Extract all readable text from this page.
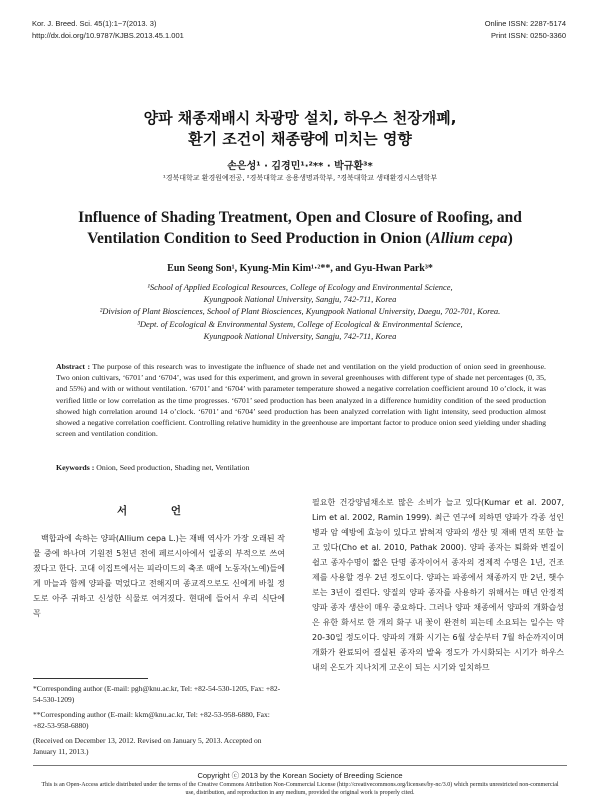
Kor. J. Breed. Sci. 45(1):1~7(2013. 3)
http://dx.doi.org/10.9787/KJBS.2013.45.1.001
Online ISSN: 2287-5174
Print ISSN: 0250-3360
양파 채종재배시 차광망 설치, 하우스 천장개폐,
환기 조건이 채종량에 미치는 영향
손은성¹ · 김경민¹·²** · 박규환³*
¹경북대학교 환경원예전공, ²경북대학교 응용생명과학부, ³경북대학교 생태환경시스템학부
Influence of Shading Treatment, Open and Closure of Roofing, and
Ventilation Condition to Seed Production in Onion (Allium cepa)
Eun Seong Son¹, Kyung-Min Kim¹·²**, and Gyu-Hwan Park³*
¹School of Applied Ecological Resources, College of Ecology and Environmental Science,
Kyungpook National University, Sangju, 742-711, Korea
²Division of Plant Biosciences, School of Plant Biosciences, Kyungpook National University, Daegu, 702-701, Korea.
³Dept. of Ecological & Environmental System, College of Ecological & Environmental Science,
Kyungpook National University, Sangju, 742-711, Korea
Abstract : The purpose of this research was to investigate the influence of shade net and ventilation on the yield production of onion seed in greenhouse. Two onion cultivars, ‘6701’ and ‘6704’, was used for this experiment, and grown in several greenhouses with different type of shade net percentages (0, 35, and 55%) and with or without ventilation. ‘6701’ and ‘6704’ with parameter temperature showed a negative correlation coefficient around 10 o’clock, it was verified little or low correlation as the time progresses. ‘6701’ seed production has been analyzed in a difference humidity condition of the seed production showed high correlation around 14 o’clock. ‘6701’ and ‘6704’ seed production has been analyzed correlation with light intensity, seed production almost showed a negative correlation coefficient. Controlling relative humidity in the greenhouse are important factor to produce onion seed yielding under shading screen and ventilation condition.
Keywords : Onion, Seed production, Shading net, Ventilation
서 언
백합과에 속하는 양파(Allium cepa L.)는 재배 역사가 가장 오래된 작물 중에 하나며 기원전 5천년 전에 페르시아에서 일종의 부적으로 쓰여졌다고 한다. 고대 이집트에서는 피라미드의 축조 때에 노동자(노예)들에게 마늘과 함께 양파를 먹었다고 전해지며 종교적으로도 신에게 바칠 정도로 아주 귀하고 신성한 식물로 여겨졌다. 현대에 들어서 우리 식단에 꼭
필요한 건강양념채소로 많은 소비가 늘고 있다(Kumar et al. 2007, Lim et al. 2002, Ramin 1999). 최근 연구에 의하면 양파가 각종 성인병과 암 예방에 효능이 있다고 밝혀져 양파의 생산 및 재배 면적 또한 늘고 있다(Cho et al. 2010, Pathak 2000). 양파 종자는 퇴화와 변질이 쉽고 종자수명이 짧은 단명 종자이어서 종자의 경제적 수명은 1년, 건조제를 사용할 경우 2년 정도이다. 양파는 파종에서 채종까지 만 2년, 햇수로는 3년이 걸린다. 양질의 양파 종자를 사용하기 위해서는 매년 안정적 양파 종자 생산이 매우 중요하다. 그러나 양파 채종에서 양파의 개화습성은 유한 화서로 한 개의 화구 내 꽃이 완전히 피는데 소요되는 일수는 약 20-30일 정도이다. 양파의 개화 시기는 6월 상순부터 7월 하순까지이며 개화가 완료되어 결실된 종자의 발육 정도가 가시화되는 시기가 하우스 내의 온도가 지나치게 고온이 되는 시기와 일치하므

*Corresponding author (E-mail: pgh@knu.ac.kr, Tel: +82-54-530-1205, Fax: +82-54-530-1209)

**Corresponding author (E-mail: kkm@knu.ac.kr, Tel: +82-53-958-6880, Fax: +82-53-958-6880)

(Received on December 13, 2012. Revised on January 5, 2013. Accepted on January 11, 2013.)

Copyright ⓒ 2013 by the Korean Society of Breeding Science
This is an Open-Access article distributed under the terms of the Creative Commons Attribution Non-Commercial License (http://creativecommons.org/licenses/by-nc/3.0) which permits unrestricted non-commercial use, distribution, and reproduction in any medium, provided the original work is properly cited.
